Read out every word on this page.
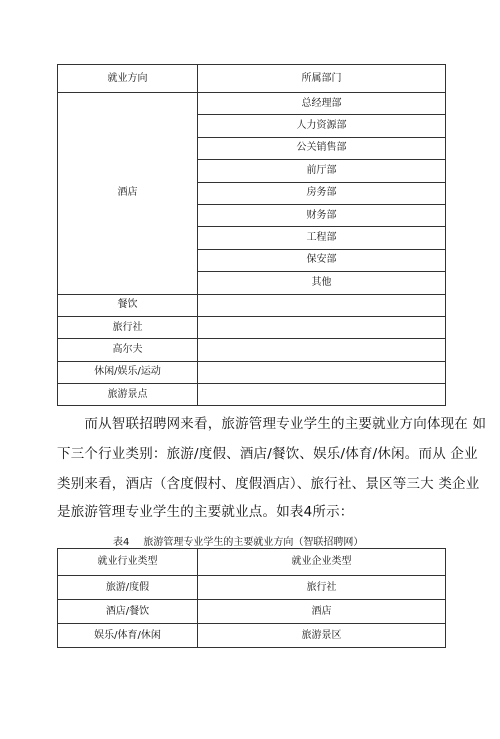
就业方向	所属部门
酒店	总经理部
	人力资源部
	公关销售部
	前厅部
	房务部
	财务部
	工程部
	保安部
	其他
餐饮	
旅行社	
高尔夫	
休闲/娱乐/运动	
旅游景点	
　　而从智联招聘网来看，旅游管理专业学生的主要就业方向体现在 如
下三个行业类别：旅游/度假、酒店/餐饮、娱乐/体育/休闲。而从 企业
类别来看，酒店（含度假村、度假酒店）、旅行社、景区等三大 类企业
是旅游管理专业学生的主要就业点。如表4所示：
表4 旅游管理专业学生的主要就业方向（智联招聘网）
就业行业类型	就业企业类型
旅游/度假	旅行社
酒店/餐饮	酒店
娱乐/体育/休闲	旅游景区
